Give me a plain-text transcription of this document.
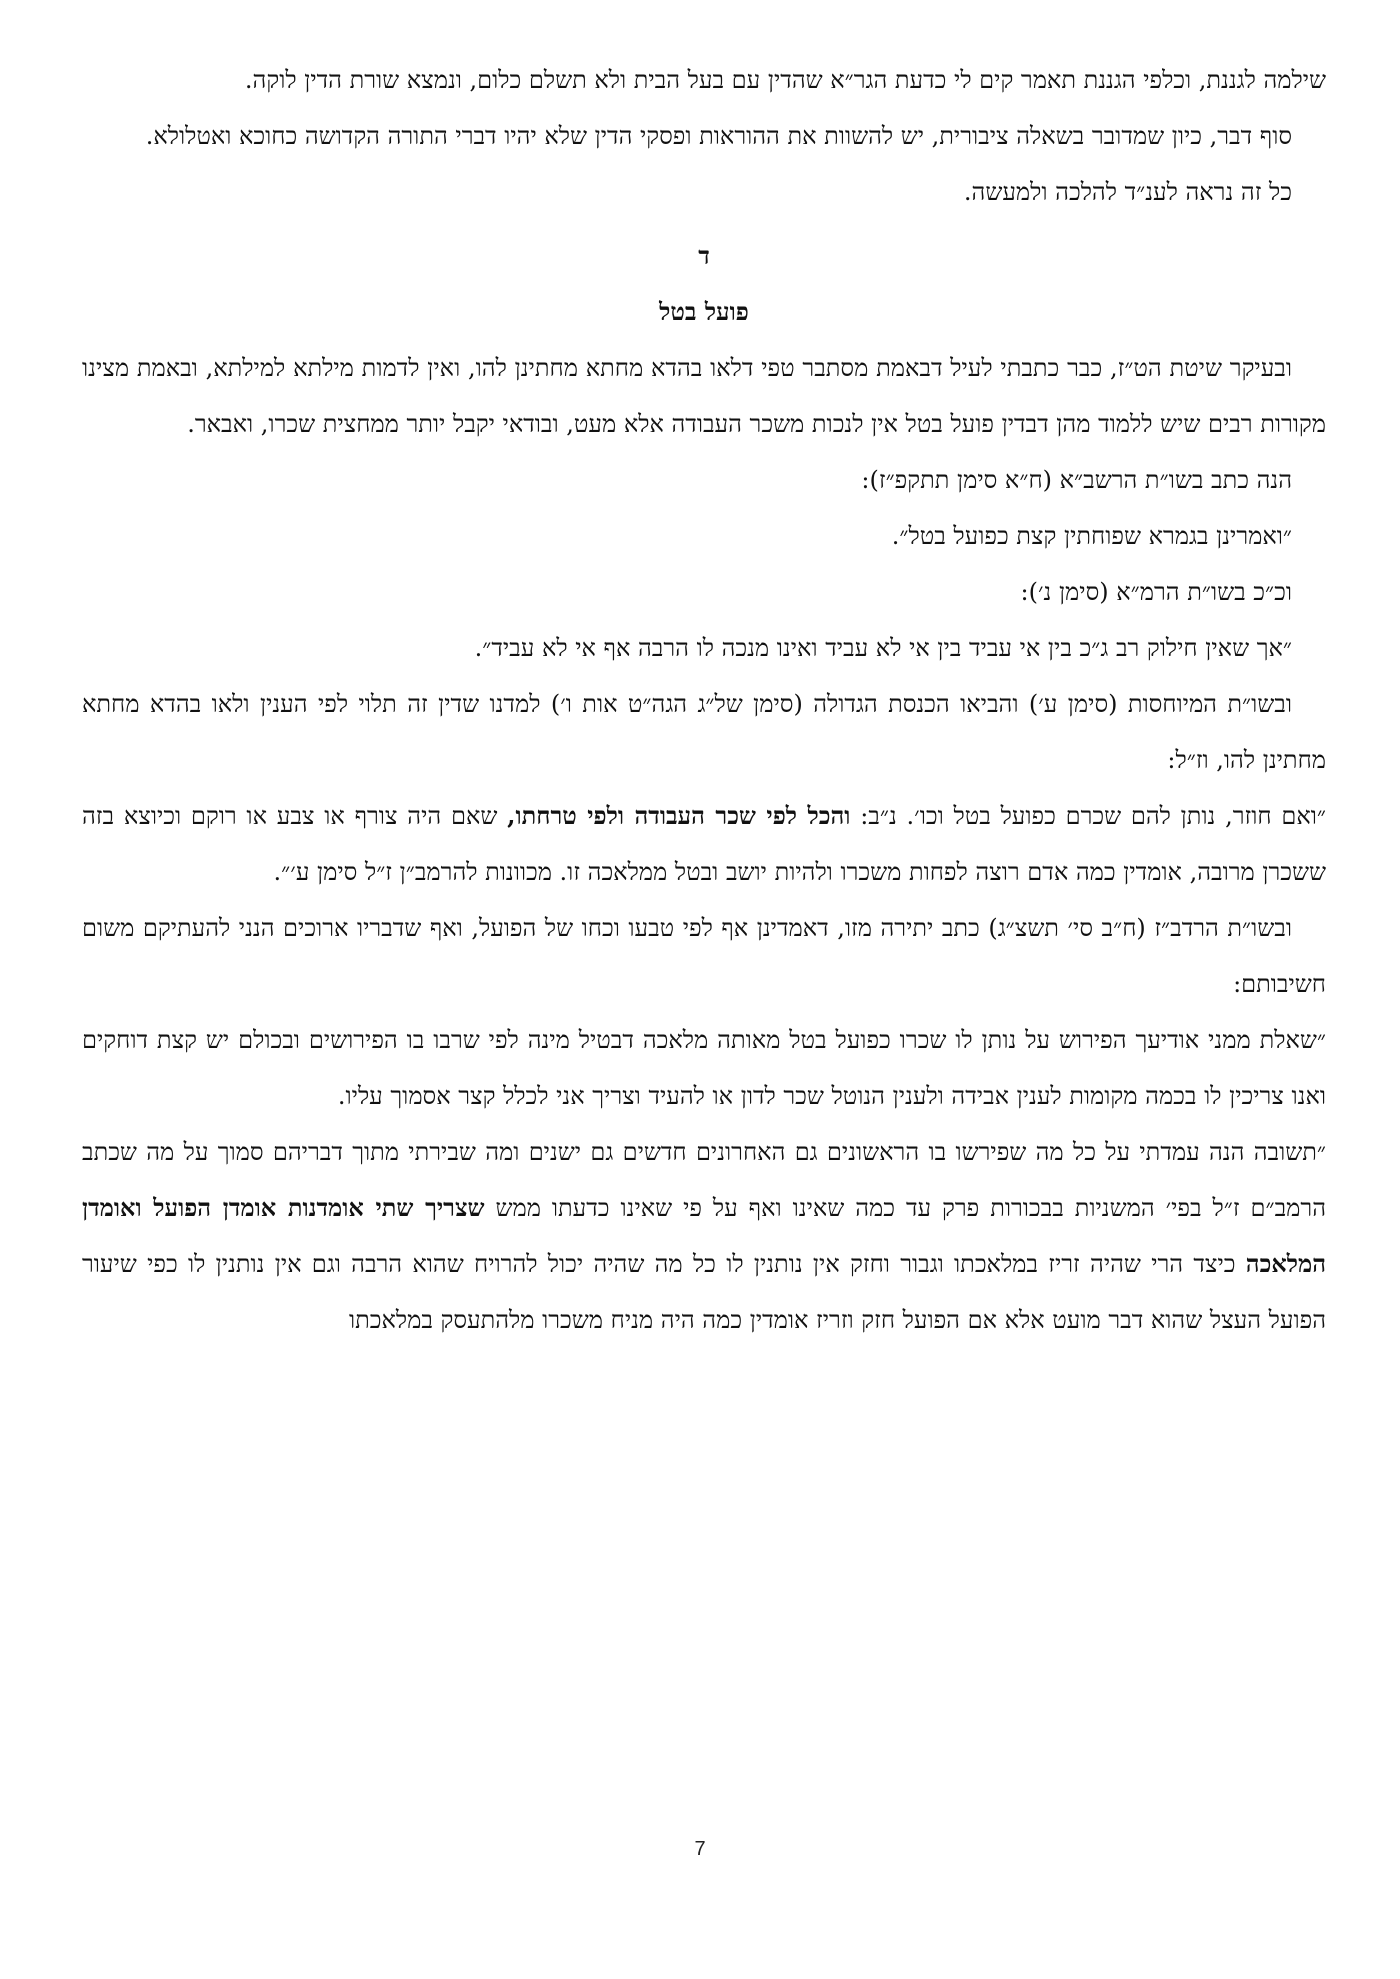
שילמה לגננת, וכלפי הגננת תאמר קים לי כדעת הגר״א שהדין עם בעל הבית ולא תשלם כלום, ונמצא שורת הדין לוקה.

סוף דבר, כיון שמדובר בשאלה ציבורית, יש להשוות את ההוראות ופסקי הדין שלא יהיו דברי התורה הקדושה כחוכא ואטלולא.

כל זה נראה לענ״ד להלכה ולמעשה.

ד

פועל בטל

ובעיקר שיטת הט״ז, כבר כתבתי לעיל דבאמת מסתבר טפי דלאו בהדא מחתא מחתינן להו, ואין לדמות מילתא למילתא, ובאמת מצינו מקורות רבים שיש ללמוד מהן דבדין פועל בטל אין לנכות משכר העבודה אלא מעט, ובודאי יקבל יותר ממחצית שכרו, ואבאר.

הנה כתב בשו״ת הרשב״א (ח״א סימן תתקפ״ז):

״ואמרינן בגמרא שפוחתין קצת כפועל בטל״.

וכ״כ בשו״ת הרמ״א (סימן נ׳):

״אך שאין חילוק רב ג״כ בין אי עביד בין אי לא עביד ואינו מנכה לו הרבה אף אי לא עביד״.

ובשו״ת המיוחסות (סימן ע׳) והביאו הכנסת הגדולה (סימן של״ג הגה״ט אות ו׳) למדנו שדין זה תלוי לפי הענין ולאו בהדא מחתא מחתינן להו, וז״ל:

״ואם חוזר, נותן להם שכרם כפועל בטל וכו׳. נ״ב: והכל לפי שכר העבודה ולפי טרחתו, שאם היה צורף או צבע או רוקם וכיוצא בזה ששכרן מרובה, אומדין כמה אדם רוצה לפחות משכרו ולהיות יושב ובטל ממלאכה זו. מכוונות להרמב״ן ז״ל סימן ע׳״.

ובשו״ת הרדב״ז (ח״ב סי׳ תשצ״ג) כתב יתירה מזו, דאמדינן אף לפי טבעו וכחו של הפועל, ואף שדבריו ארוכים הנני להעתיקם משום חשיבותם:

״שאלת ממני אודיעך הפירוש על נותן לו שכרו כפועל בטל מאותה מלאכה דבטיל מינה לפי שרבו בו הפירושים ובכולם יש קצת דוחקים ואנו צריכין לו בכמה מקומות לענין אבידה ולענין הנוטל שכר לדון או להעיד וצריך אני לכלל קצר אסמוך עליו.

״תשובה הנה עמדתי על כל מה שפירשו בו הראשונים גם האחרונים חדשים גם ישנים ומה שבירתי מתוך דבריהם סמוך על מה שכתב הרמב״ם ז״ל בפי׳ המשניות בבכורות פרק עד כמה שאינו ואף על פי שאינו כדעתו ממש שצריך שתי אומדנות אומדן הפועל ואומדן המלאכה כיצד הרי שהיה זריז במלאכתו וגבור וחזק אין נותנין לו כל מה שהיה יכול להרויח שהוא הרבה וגם אין נותנין לו כפי שיעור הפועל העצל שהוא דבר מועט אלא אם הפועל חזק וזריז אומדין כמה היה מניח משכרו מלהתעסק במלאכתו

7
